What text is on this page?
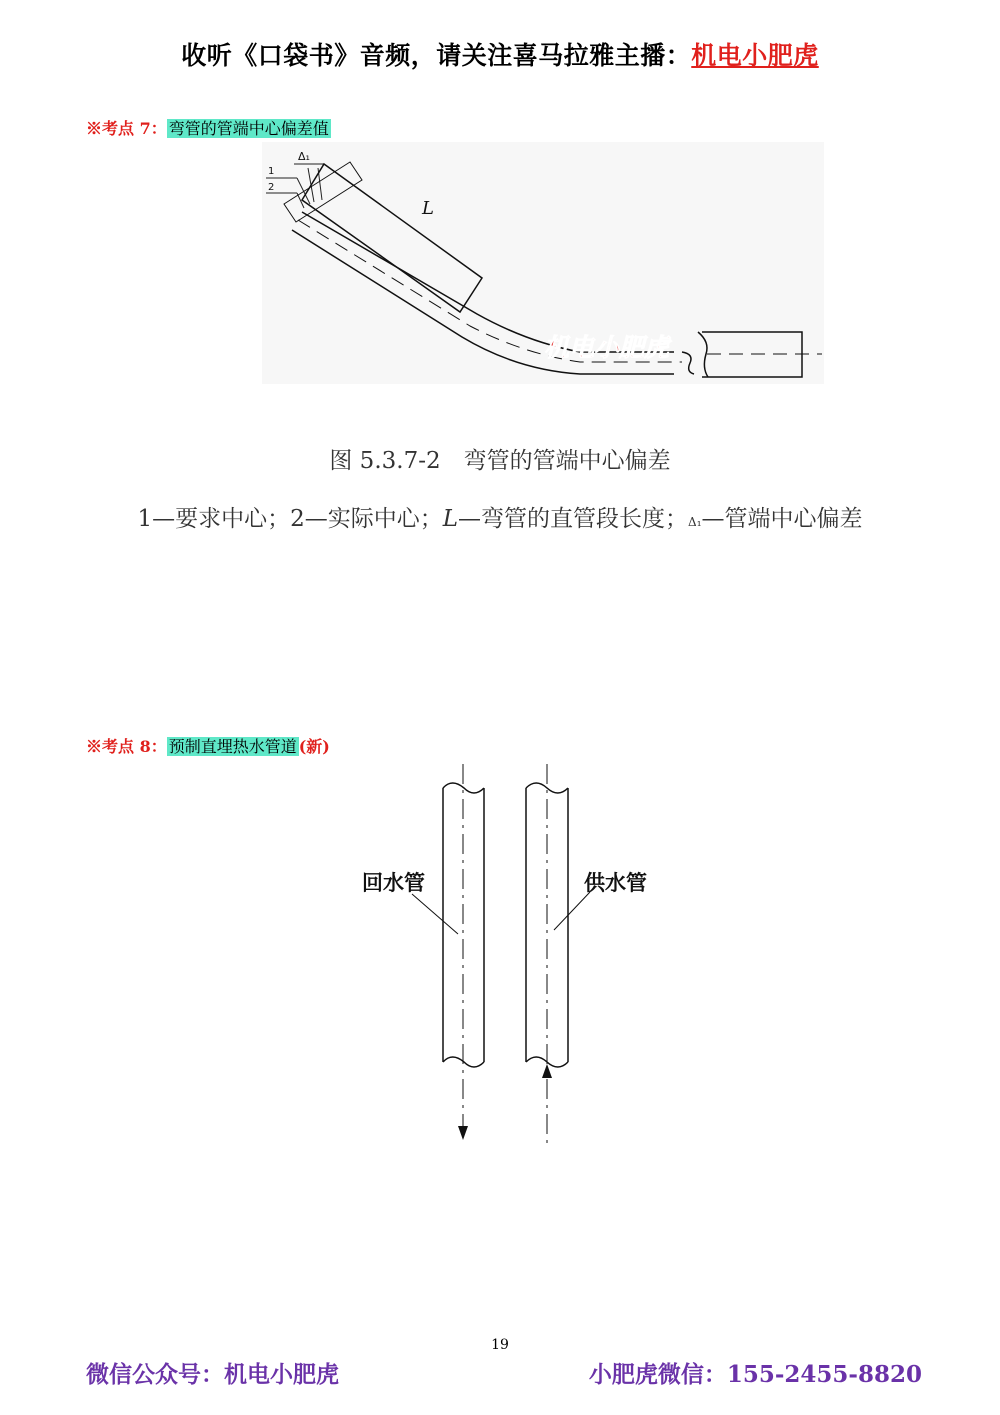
收听《口袋书》音频，请关注喜马拉雅主播：机电小肥虎
※考点 7： 弯管的管端中心偏差值
L
1
2
Δ₁
机电小肥虎
图 5.3.7-2　弯管的管端中心偏差
1—要求中心；2—实际中心；L—弯管的直管段长度；Δ₁—管端中心偏差
※考点 8： 预制直埋热水管道 (新)
回水管	供水管
19
微信公众号：机电小肥虎	小肥虎微信：155-2455-8820
